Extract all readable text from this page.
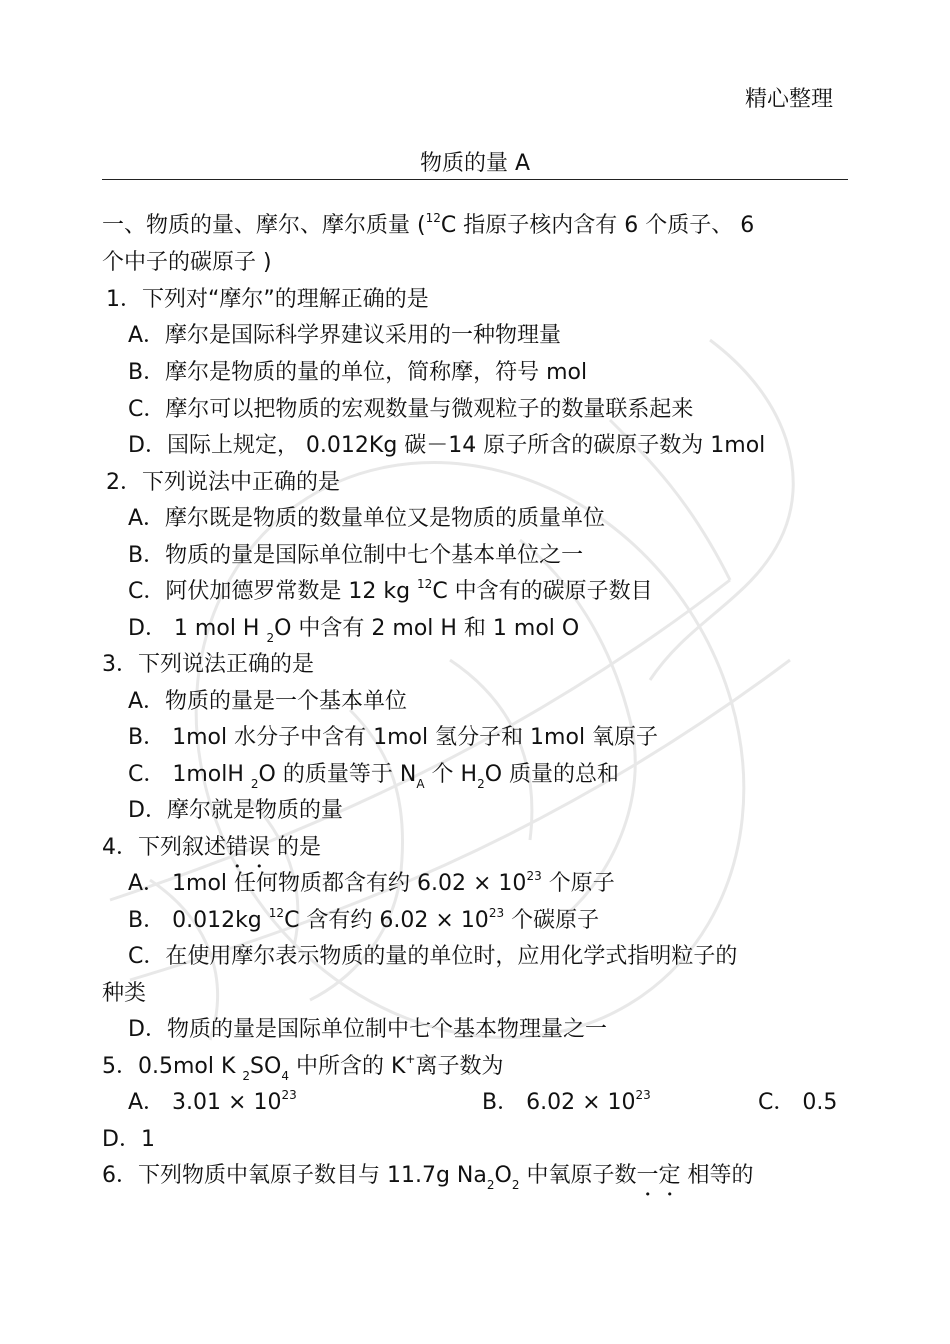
精心整理
物质的量 A
一、物质的量、摩尔、摩尔质量 ($^{12}$C 指原子核内含有 6 个质子、 6
个中子的碳原子 )
1．下列对“摩尔”的理解正确的是
A．摩尔是国际科学界建议采用的一种物理量
B．摩尔是物质的量的单位，简称摩，符号 mol
C．摩尔可以把物质的宏观数量与微观粒子的数量联系起来
D．国际上规定， 0.012Kg 碳－14 原子所含的碳原子数为 1mol
2．下列说法中正确的是
A．摩尔既是物质的数量单位又是物质的质量单位
B．物质的量是国际单位制中七个基本单位之一
C．阿伏加德罗常数是 12 kg $^{12}$C 中含有的碳原子数目
D． 1 mol H $_2$O 中含有 2 mol H 和 1 mol O
3．下列说法正确的是
A．物质的量是一个基本单位
B． 1mol 水分子中含有 1mol 氢分子和 1mol 氧原子
C． 1molH $_2$O 的质量等于 $N_A$ 个 $H_2O$ 质量的总和
D．摩尔就是物质的量
4．下列叙述错误 的是
A． 1mol 任何物质都含有约 $6.02 \times 10^{23}$ 个原子
B． 0.012kg $^{12}$C 含有约 $6.02 \times 10^{23}$ 个碳原子
C．在使用摩尔表示物质的量的单位时，应用化学式指明粒子的
种类
D．物质的量是国际单位制中七个基本物理量之一
5．0.5mol K $_2SO_4$ 中所含的 K+离子数为
A． $3.01 \times 10^{23}$	B． $6.02 \times 10^{23}$	C． 0.5
D．1
6．下列物质中氧原子数目与 11.7g $Na_2O_2$ 中氧原子数一定 相等的
